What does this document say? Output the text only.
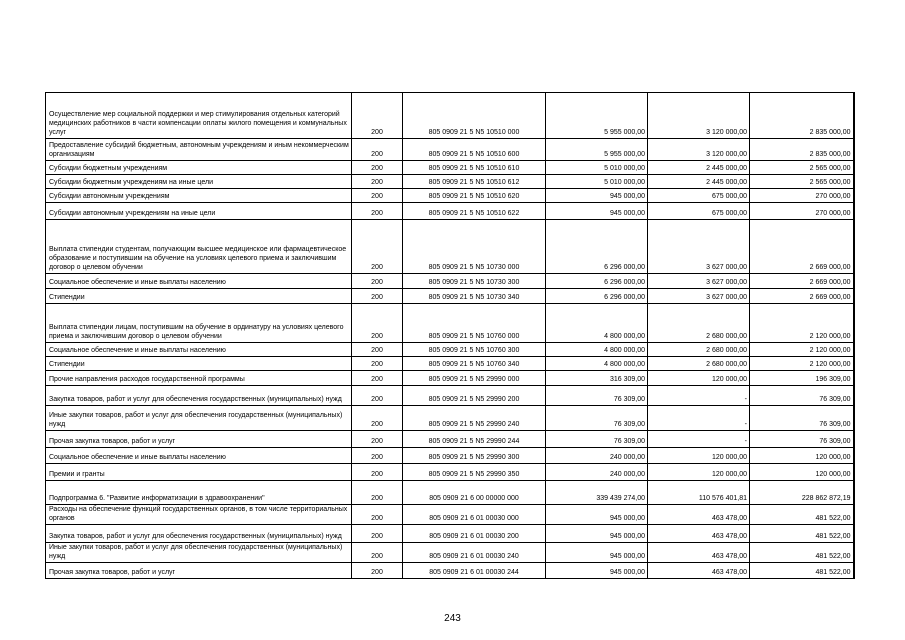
Осуществление мер социальной поддержки и мер стимулирования отдельных категорий медицинских работников в части компенсации оплаты жилого помещения и коммунальных услуг	200	805 0909 21 5 N5 10510 000	5 955 000,00	3 120 000,00	2 835 000,00
Предоставление субсидий бюджетным, автономным учреждениям и иным некоммерческим организациям	200	805 0909 21 5 N5 10510 600	5 955 000,00	3 120 000,00	2 835 000,00
Субсидии бюджетным учреждениям	200	805 0909 21 5 N5 10510 610	5 010 000,00	2 445 000,00	2 565 000,00
Субсидии бюджетным учреждениям на иные цели	200	805 0909 21 5 N5 10510 612	5 010 000,00	2 445 000,00	2 565 000,00
Субсидии автономным учреждениям	200	805 0909 21 5 N5 10510 620	945 000,00	675 000,00	270 000,00
Субсидии автономным учреждениям на иные цели	200	805 0909 21 5 N5 10510 622	945 000,00	675 000,00	270 000,00
Выплата стипендии студентам, получающим высшее медицинское или фармацевтическое образование и поступившим на обучение на условиях целевого приема и заключившим договор о целевом обучении	200	805 0909 21 5 N5 10730 000	6 296 000,00	3 627 000,00	2 669 000,00
Социальное обеспечение и иные выплаты населению	200	805 0909 21 5 N5 10730 300	6 296 000,00	3 627 000,00	2 669 000,00
Стипендии	200	805 0909 21 5 N5 10730 340	6 296 000,00	3 627 000,00	2 669 000,00
Выплата стипендии лицам, поступившим на обучение в ординатуру на условиях целевого приема и заключившим договор о целевом обучении	200	805 0909 21 5 N5 10760 000	4 800 000,00	2 680 000,00	2 120 000,00
Социальное обеспечение и иные выплаты населению	200	805 0909 21 5 N5 10760 300	4 800 000,00	2 680 000,00	2 120 000,00
Стипендии	200	805 0909 21 5 N5 10760 340	4 800 000,00	2 680 000,00	2 120 000,00
Прочие направления расходов государственной программы	200	805 0909 21 5 N5 29990 000	316 309,00	120 000,00	196 309,00
Закупка товаров, работ и услуг для обеспечения государственных (муниципальных) нужд	200	805 0909 21 5 N5 29990 200	76 309,00	-	76 309,00
Иные закупки товаров, работ и услуг для обеспечения государственных (муниципальных) нужд	200	805 0909 21 5 N5 29990 240	76 309,00	-	76 309,00
Прочая закупка товаров, работ и услуг	200	805 0909 21 5 N5 29990 244	76 309,00	-	76 309,00
Социальное обеспечение и иные выплаты населению	200	805 0909 21 5 N5 29990 300	240 000,00	120 000,00	120 000,00
Премии и гранты	200	805 0909 21 5 N5 29990 350	240 000,00	120 000,00	120 000,00
Подпрограмма 6. "Развитие информатизации в здравоохранении"	200	805 0909 21 6 00 00000 000	339 439 274,00	110 576 401,81	228 862 872,19
Расходы на обеспечение функций государственных органов, в том числе территориальных органов	200	805 0909 21 6 01 00030 000	945 000,00	463 478,00	481 522,00
Закупка товаров, работ и услуг для обеспечения государственных (муниципальных) нужд	200	805 0909 21 6 01 00030 200	945 000,00	463 478,00	481 522,00
Иные закупки товаров, работ и услуг для обеспечения государственных (муниципальных) нужд	200	805 0909 21 6 01 00030 240	945 000,00	463 478,00	481 522,00
Прочая закупка товаров, работ и услуг	200	805 0909 21 6 01 00030 244	945 000,00	463 478,00	481 522,00
243
